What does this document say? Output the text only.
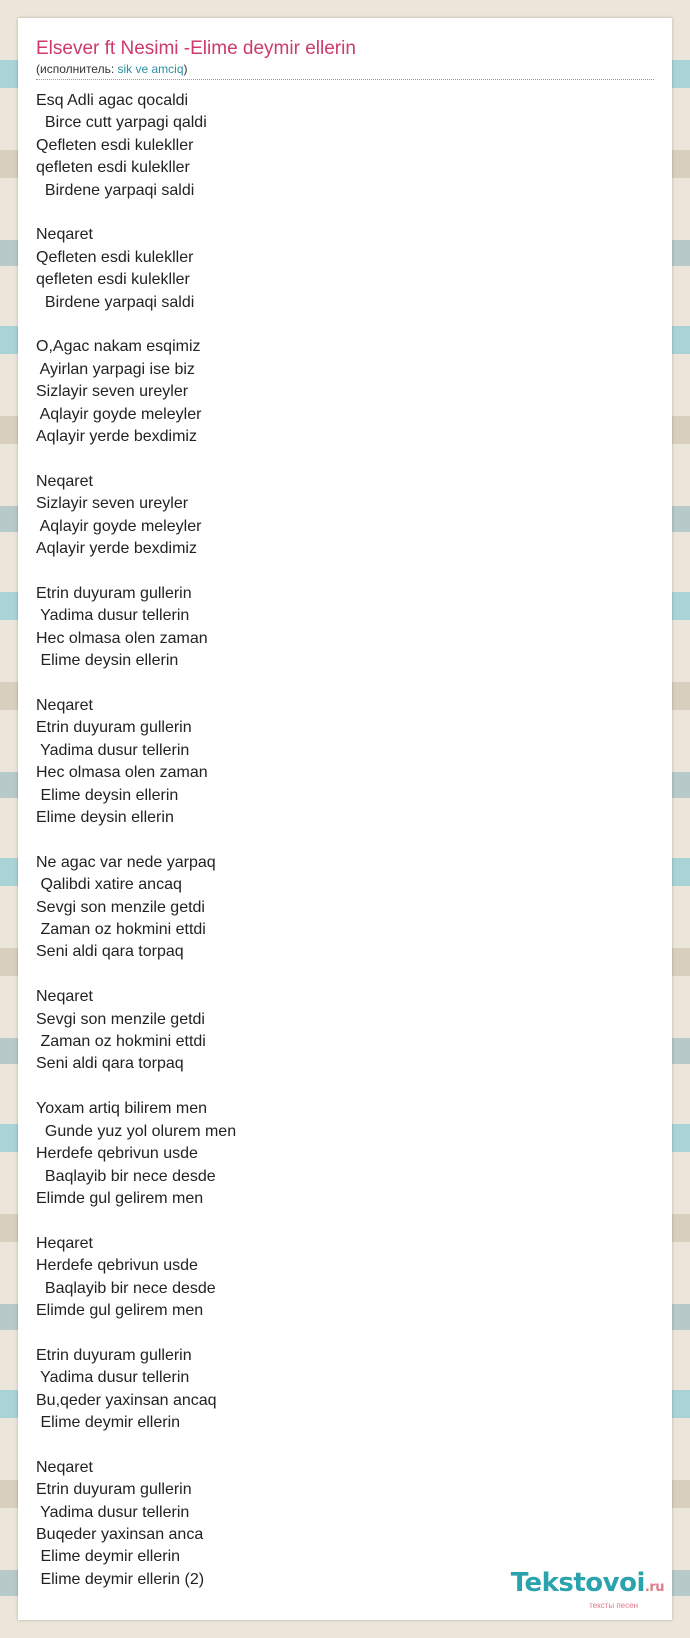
Elsever ft Nesimi -Elime deymir ellerin
(исполнитель: sik ve amciq)
Esq Adli agac qocaldi
Birce cutt yarpagi qaldi
Qefleten esdi kulekller
qefleten esdi kulekller
Birdene yarpaqi saldi

Neqaret
Qefleten esdi kulekller
qefleten esdi kulekller
Birdene yarpaqi saldi

O,Agac nakam esqimiz
Ayirlan yarpagi ise biz
Sizlayir seven ureyler
Aqlayir goyde meleyler
Aqlayir yerde bexdimiz

Neqaret
Sizlayir seven ureyler
Aqlayir goyde meleyler
Aqlayir yerde bexdimiz

Etrin duyuram gullerin
Yadima dusur tellerin
Hec olmasa olen zaman
Elime deysin ellerin

Neqaret
Etrin duyuram gullerin
Yadima dusur tellerin
Hec olmasa olen zaman
Elime deysin ellerin
Elime deysin ellerin

Ne agac var nede yarpaq
Qalibdi xatire ancaq
Sevgi son menzile getdi
Zaman oz hokmini ettdi
Seni aldi qara torpaq

Neqaret
Sevgi son menzile getdi
Zaman oz hokmini ettdi
Seni aldi qara torpaq

Yoxam artiq bilirem men
Gunde yuz yol olurem men
Herdefe qebrivun usde
Baqlayib bir nece desde
Elimde gul gelirem men

Heqaret
Herdefe qebrivun usde
Baqlayib bir nece desde
Elimde gul gelirem men

Etrin duyuram gullerin
Yadima dusur tellerin
Bu,qeder yaxinsan ancaq
Elime deymir ellerin

Neqaret
Etrin duyuram gullerin
Yadima dusur tellerin
Buqeder yaxinsan anca
Elime deymir ellerin
Elime deymir ellerin (2)	Tekstovoi.ru
тексты песен
